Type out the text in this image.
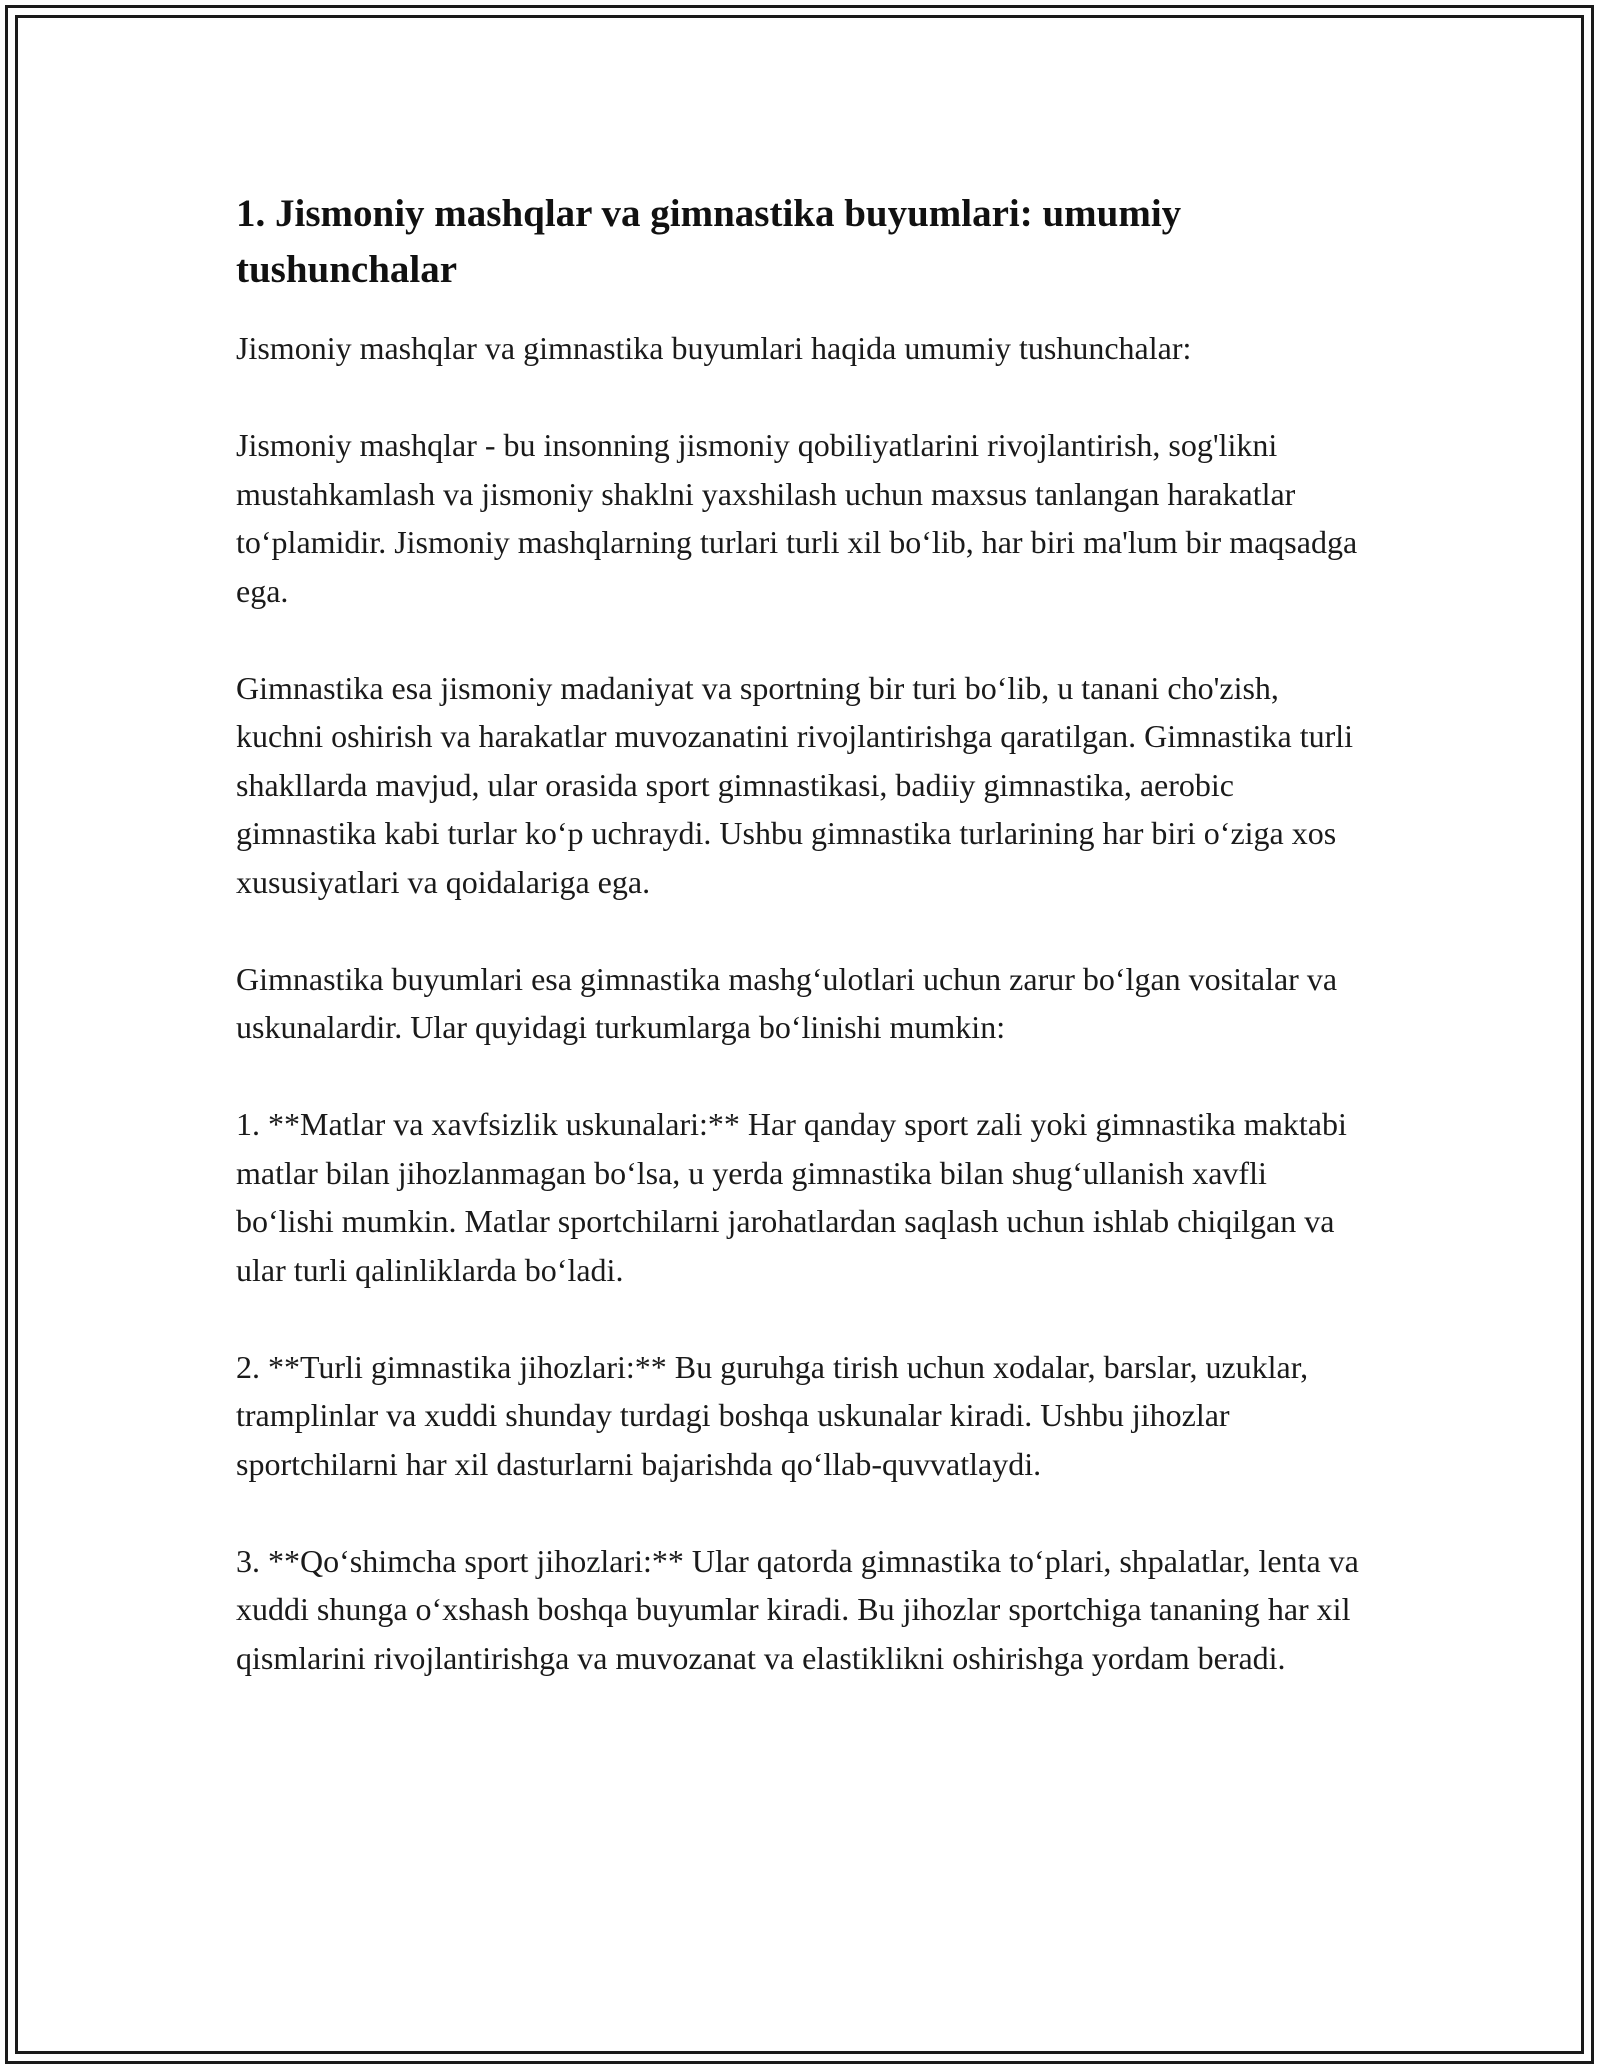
1. Jismoniy mashqlar va gimnastika buyumlari: umumiy tushunchalar

Jismoniy mashqlar va gimnastika buyumlari haqida umumiy tushunchalar:

Jismoniy mashqlar - bu insonning jismoniy qobiliyatlarini rivojlantirish, sog'likni mustahkamlash va jismoniy shaklni yaxshilash uchun maxsus tanlangan harakatlar to‘plamidir. Jismoniy mashqlarning turlari turli xil bo‘lib, har biri ma'lum bir maqsadga ega.

Gimnastika esa jismoniy madaniyat va sportning bir turi bo‘lib, u tanani cho'zish, kuchni oshirish va harakatlar muvozanatini rivojlantirishga qaratilgan. Gimnastika turli shakllarda mavjud, ular orasida sport gimnastikasi, badiiy gimnastika, aerobic gimnastika kabi turlar ko‘p uchraydi. Ushbu gimnastika turlarining har biri o‘ziga xos xususiyatlari va qoidalariga ega.

Gimnastika buyumlari esa gimnastika mashg‘ulotlari uchun zarur bo‘lgan vositalar va uskunalardir. Ular quyidagi turkumlarga bo‘linishi mumkin:

1. **Matlar va xavfsizlik uskunalari:** Har qanday sport zali yoki gimnastika maktabi matlar bilan jihozlanmagan bo‘lsa, u yerda gimnastika bilan shug‘ullanish xavfli bo‘lishi mumkin. Matlar sportchilarni jarohatlardan saqlash uchun ishlab chiqilgan va ular turli qalinliklarda bo‘ladi.

2. **Turli gimnastika jihozlari:** Bu guruhga tirish uchun xodalar, barslar, uzuklar, tramplinlar va xuddi shunday turdagi boshqa uskunalar kiradi. Ushbu jihozlar sportchilarni har xil dasturlarni bajarishda qo‘llab-quvvatlaydi.

3. **Qo‘shimcha sport jihozlari:** Ular qatorda gimnastika to‘plari, shpalatlar, lenta va xuddi shunga o‘xshash boshqa buyumlar kiradi. Bu jihozlar sportchiga tananing har xil qismlarini rivojlantirishga va muvozanat va elastiklikni oshirishga yordam beradi.
